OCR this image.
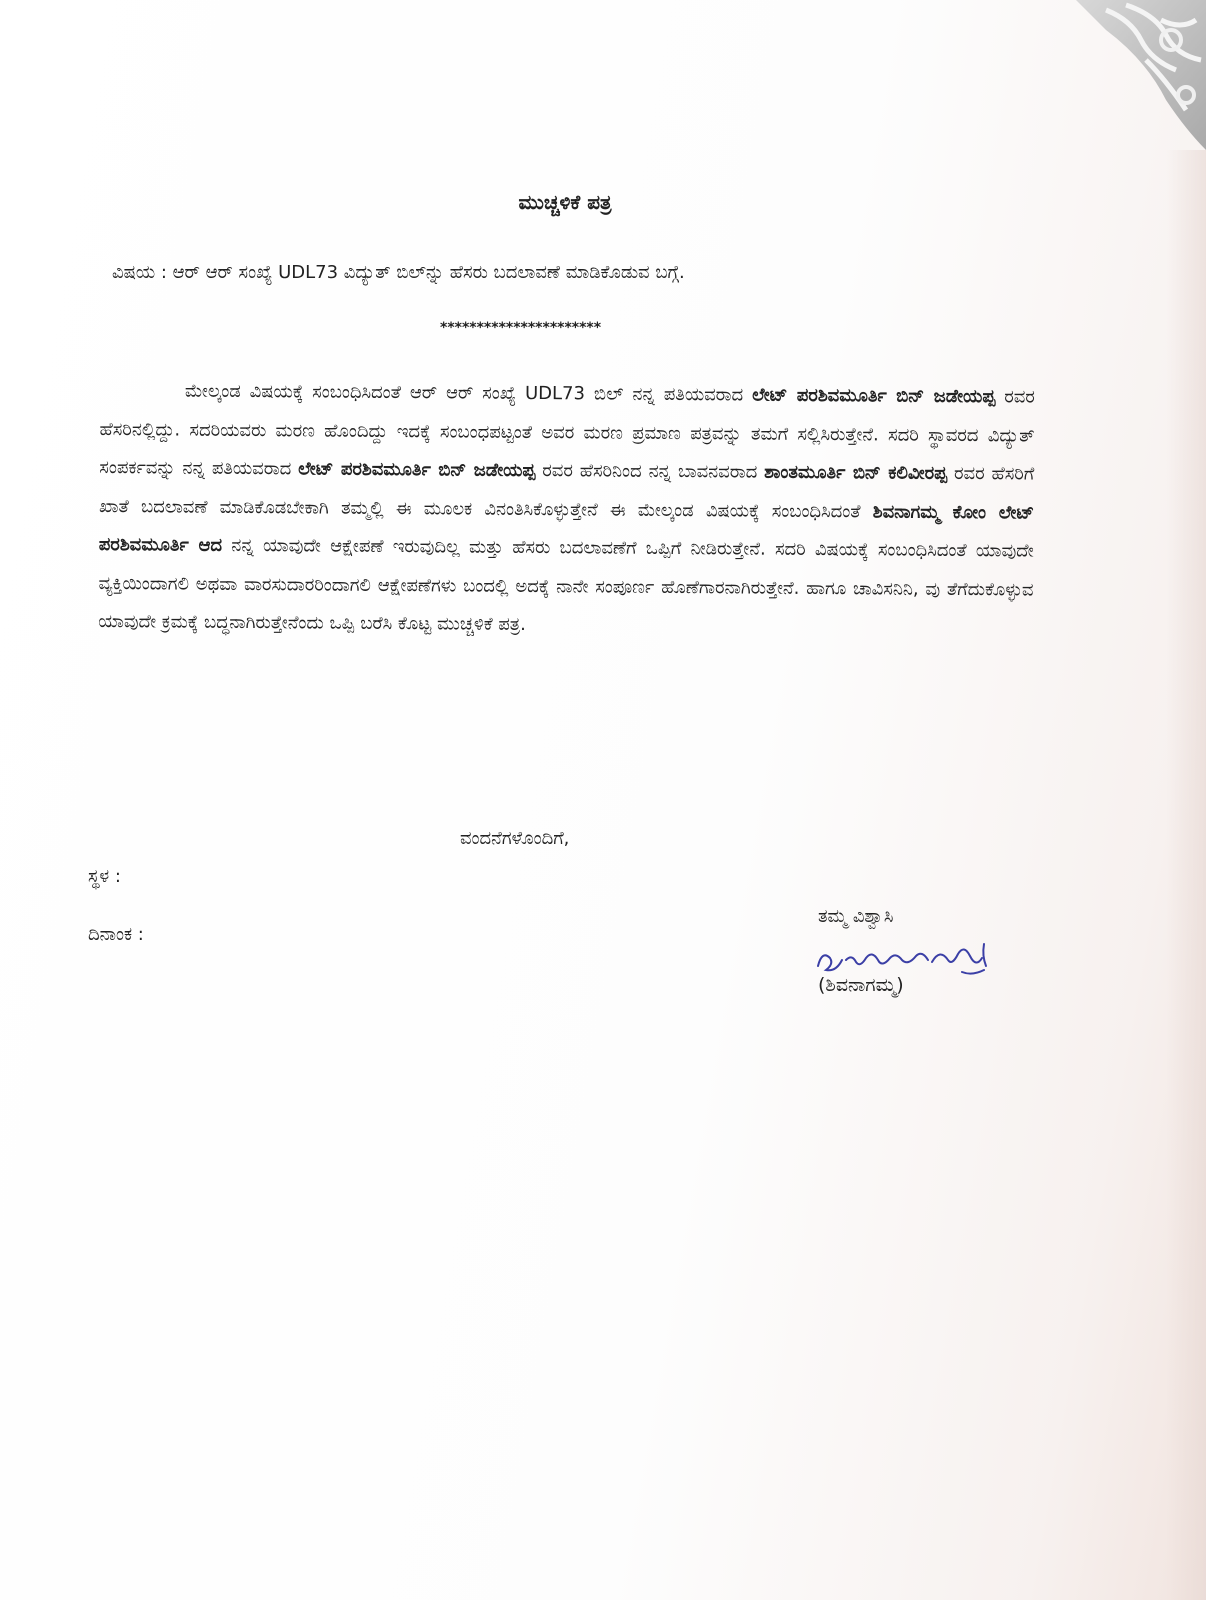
ಮುಚ್ಚಳಿಕೆ ಪತ್ರ
ವಿಷಯ : ಆರ್ ಆರ್ ಸಂಖ್ಯೆ UDL73 ವಿದ್ಯುತ್ ಬಿಲ್‌ನ್ನು ಹೆಸರು ಬದಲಾವಣೆ ಮಾಡಿಕೊಡುವ ಬಗ್ಗೆ.
**********************
ಮೇಲ್ಕಂಡ ವಿಷಯಕ್ಕೆ ಸಂಬಂಧಿಸಿದಂತೆ ಆರ್ ಆರ್ ಸಂಖ್ಯೆ UDL73 ಬಿಲ್ ನನ್ನ ಪತಿಯವರಾದ ಲೇಟ್ ಪರಶಿವಮೂರ್ತಿ ಬಿನ್ ಜಡೇಯಪ್ಪ ರವರ ಹೆಸರಿನಲ್ಲಿದ್ದು. ಸದರಿಯವರು ಮರಣ ಹೊಂದಿದ್ದು ಇದಕ್ಕೆ ಸಂಬಂಧಪಟ್ಟಂತೆ ಅವರ ಮರಣ ಪ್ರಮಾಣ ಪತ್ರವನ್ನು ತಮಗೆ ಸಲ್ಲಿಸಿರುತ್ತೇನೆ. ಸದರಿ ಸ್ಥಾವರದ ವಿದ್ಯುತ್ ಸಂಪರ್ಕವನ್ನು ನನ್ನ ಪತಿಯವರಾದ ಲೇಟ್ ಪರಶಿವಮೂರ್ತಿ ಬಿನ್ ಜಡೇಯಪ್ಪ ರವರ ಹೆಸರಿನಿಂದ ನನ್ನ ಬಾವನವರಾದ ಶಾಂತಮೂರ್ತಿ ಬಿನ್ ಕಲಿವೀರಪ್ಪ ರವರ ಹೆಸರಿಗೆ ಖಾತೆ ಬದಲಾವಣೆ ಮಾಡಿಕೊಡಬೇಕಾಗಿ ತಮ್ಮಲ್ಲಿ ಈ ಮೂಲಕ ವಿನಂತಿಸಿಕೊಳ್ಳುತ್ತೇನೆ ಈ ಮೇಲ್ಕಂಡ ವಿಷಯಕ್ಕೆ ಸಂಬಂಧಿಸಿದಂತೆ ಶಿವನಾಗಮ್ಮ ಕೋಂ ಲೇಟ್ ಪರಶಿವಮೂರ್ತಿ ಆದ ನನ್ನ ಯಾವುದೇ ಆಕ್ಷೇಪಣೆ ಇರುವುದಿಲ್ಲ ಮತ್ತು ಹೆಸರು ಬದಲಾವಣೆಗೆ ಒಪ್ಪಿಗೆ ನೀಡಿರುತ್ತೇನೆ. ಸದರಿ ವಿಷಯಕ್ಕೆ ಸಂಬಂಧಿಸಿದಂತೆ ಯಾವುದೇ ವ್ಯಕ್ತಿಯಿಂದಾಗಲಿ ಅಥವಾ ವಾರಸುದಾರರಿಂದಾಗಲಿ ಆಕ್ಷೇಪಣೆಗಳು ಬಂದಲ್ಲಿ ಅದಕ್ಕೆ ನಾನೇ ಸಂಪೂರ್ಣ ಹೊಣೆಗಾರನಾಗಿರುತ್ತೇನೆ. ಹಾಗೂ ಚಾವಿಸನಿನಿ, ವು ತೆಗೆದುಕೊಳ್ಳುವ ಯಾವುದೇ ಕ್ರಮಕ್ಕೆ ಬದ್ಧನಾಗಿರುತ್ತೇನೆಂದು ಒಪ್ಪಿ ಬರೆಸಿ ಕೊಟ್ಟ ಮುಚ್ಚಳಿಕೆ ಪತ್ರ.
ವಂದನೆಗಳೊಂದಿಗೆ,
ಸ್ಥಳ :
ದಿನಾಂಕ :
ತಮ್ಮ ವಿಶ್ವಾಸಿ
(ಶಿವನಾಗಮ್ಮ)
